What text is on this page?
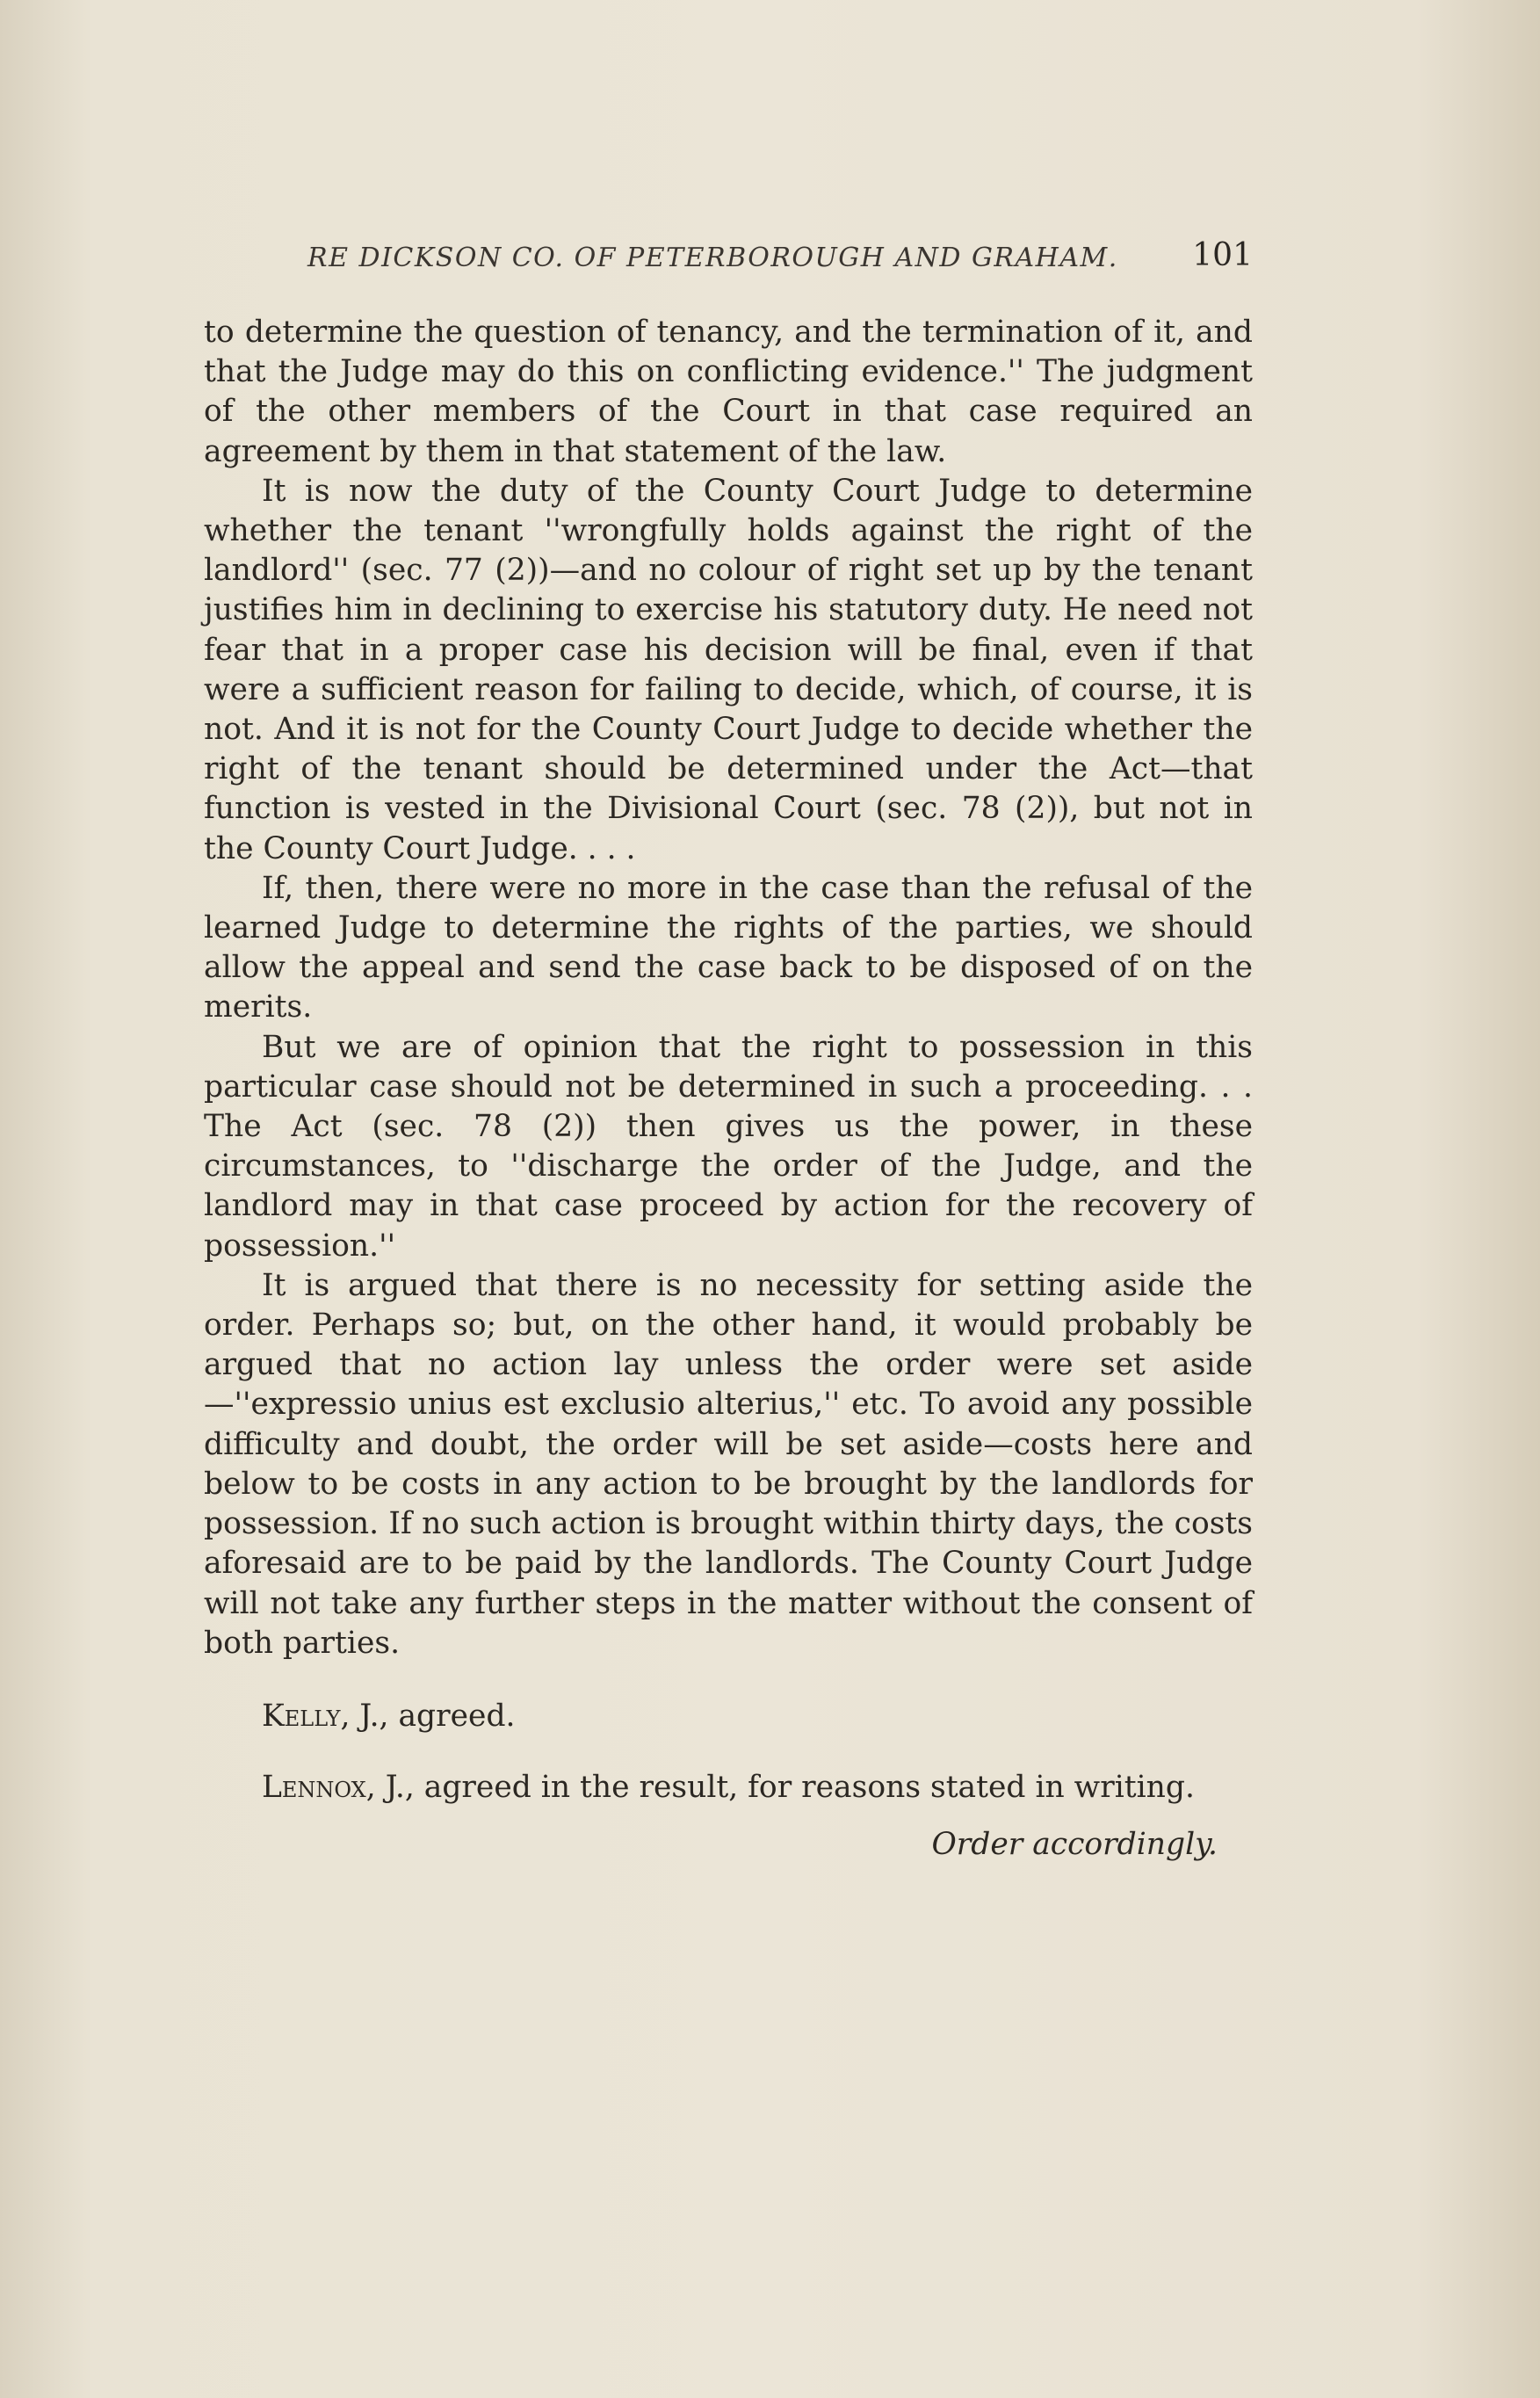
RE DICKSON CO. OF PETERBOROUGH AND GRAHAM. 101

to determine the question of tenancy, and the termination of it, and that the Judge may do this on conflicting evidence.'' The judgment of the other members of the Court in that case required an agreement by them in that statement of the law.

It is now the duty of the County Court Judge to determine whether the tenant ''wrongfully holds against the right of the landlord'' (sec. 77 (2))—and no colour of right set up by the tenant justifies him in declining to exercise his statutory duty. He need not fear that in a proper case his decision will be final, even if that were a sufficient reason for failing to decide, which, of course, it is not. And it is not for the County Court Judge to decide whether the right of the tenant should be determined under the Act—that function is vested in the Divisional Court (sec. 78 (2)), but not in the County Court Judge. . . .

If, then, there were no more in the case than the refusal of the learned Judge to determine the rights of the parties, we should allow the appeal and send the case back to be disposed of on the merits.

But we are of opinion that the right to possession in this particular case should not be determined in such a proceeding. . . The Act (sec. 78 (2)) then gives us the power, in these circumstances, to ''discharge the order of the Judge, and the landlord may in that case proceed by action for the recovery of possession.''

It is argued that there is no necessity for setting aside the order. Perhaps so; but, on the other hand, it would probably be argued that no action lay unless the order were set aside—''expressio unius est exclusio alterius,'' etc. To avoid any possible difficulty and doubt, the order will be set aside—costs here and below to be costs in any action to be brought by the landlords for possession. If no such action is brought within thirty days, the costs aforesaid are to be paid by the landlords. The County Court Judge will not take any further steps in the matter without the consent of both parties.

Kelly, J., agreed.

Lennox, J., agreed in the result, for reasons stated in writing.

Order accordingly.
